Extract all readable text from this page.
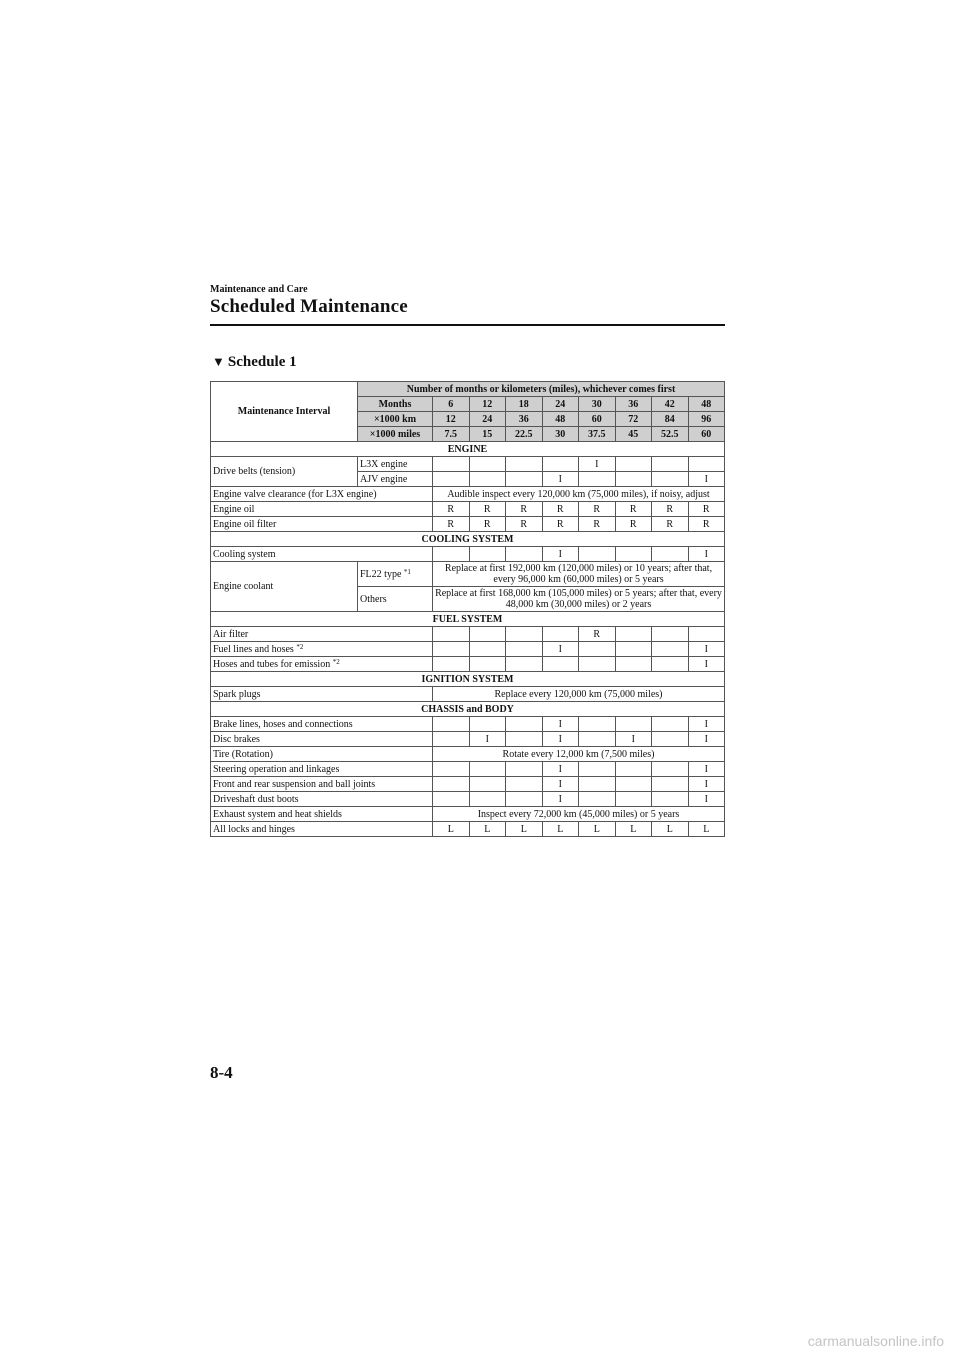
Maintenance and Care
Scheduled Maintenance
▼ Schedule 1
Maintenance Interval	Number of months or kilometers (miles), whichever comes first								
	Months	6	12	18	24	30	36	42	48
	×1000 km	12	24	36	48	60	72	84	96
	×1000 miles	7.5	15	22.5	30	37.5	45	52.5	60
ENGINE									
Drive belts (tension)	L3X engine					I			
	AJV engine				I				I
Engine valve clearance (for L3X engine)		Audible inspect every 120,000 km (75,000 miles), if noisy, adjust							
Engine oil		R	R	R	R	R	R	R	R
Engine oil filter		R	R	R	R	R	R	R	R
COOLING SYSTEM									
Cooling system					I				I
Engine coolant	FL22 type $^{*1}$	Replace at first 192,000 km (120,000 miles) or 10 years; after that, every 96,000 km (60,000 miles) or 5 years							
	Others	Replace at first 168,000 km (105,000 miles) or 5 years; after that, every 48,000 km (30,000 miles) or 2 years							
FUEL SYSTEM									
Air filter						R			
Fuel lines and hoses $^{*2}$					I				I
Hoses and tubes for emission $^{*2}$									I
IGNITION SYSTEM									
Spark plugs		Replace every 120,000 km (75,000 miles)							
CHASSIS and BODY									
Brake lines, hoses and connections					I				I
Disc brakes			I		I		I		I
Tire (Rotation)		Rotate every 12,000 km (7,500 miles)							
Steering operation and linkages					I				I
Front and rear suspension and ball joints					I				I
Driveshaft dust boots					I				I
Exhaust system and heat shields		Inspect every 72,000 km (45,000 miles) or 5 years							
All locks and hinges		L	L	L	L	L	L	L	L
8-4
carmanualsonline.info
